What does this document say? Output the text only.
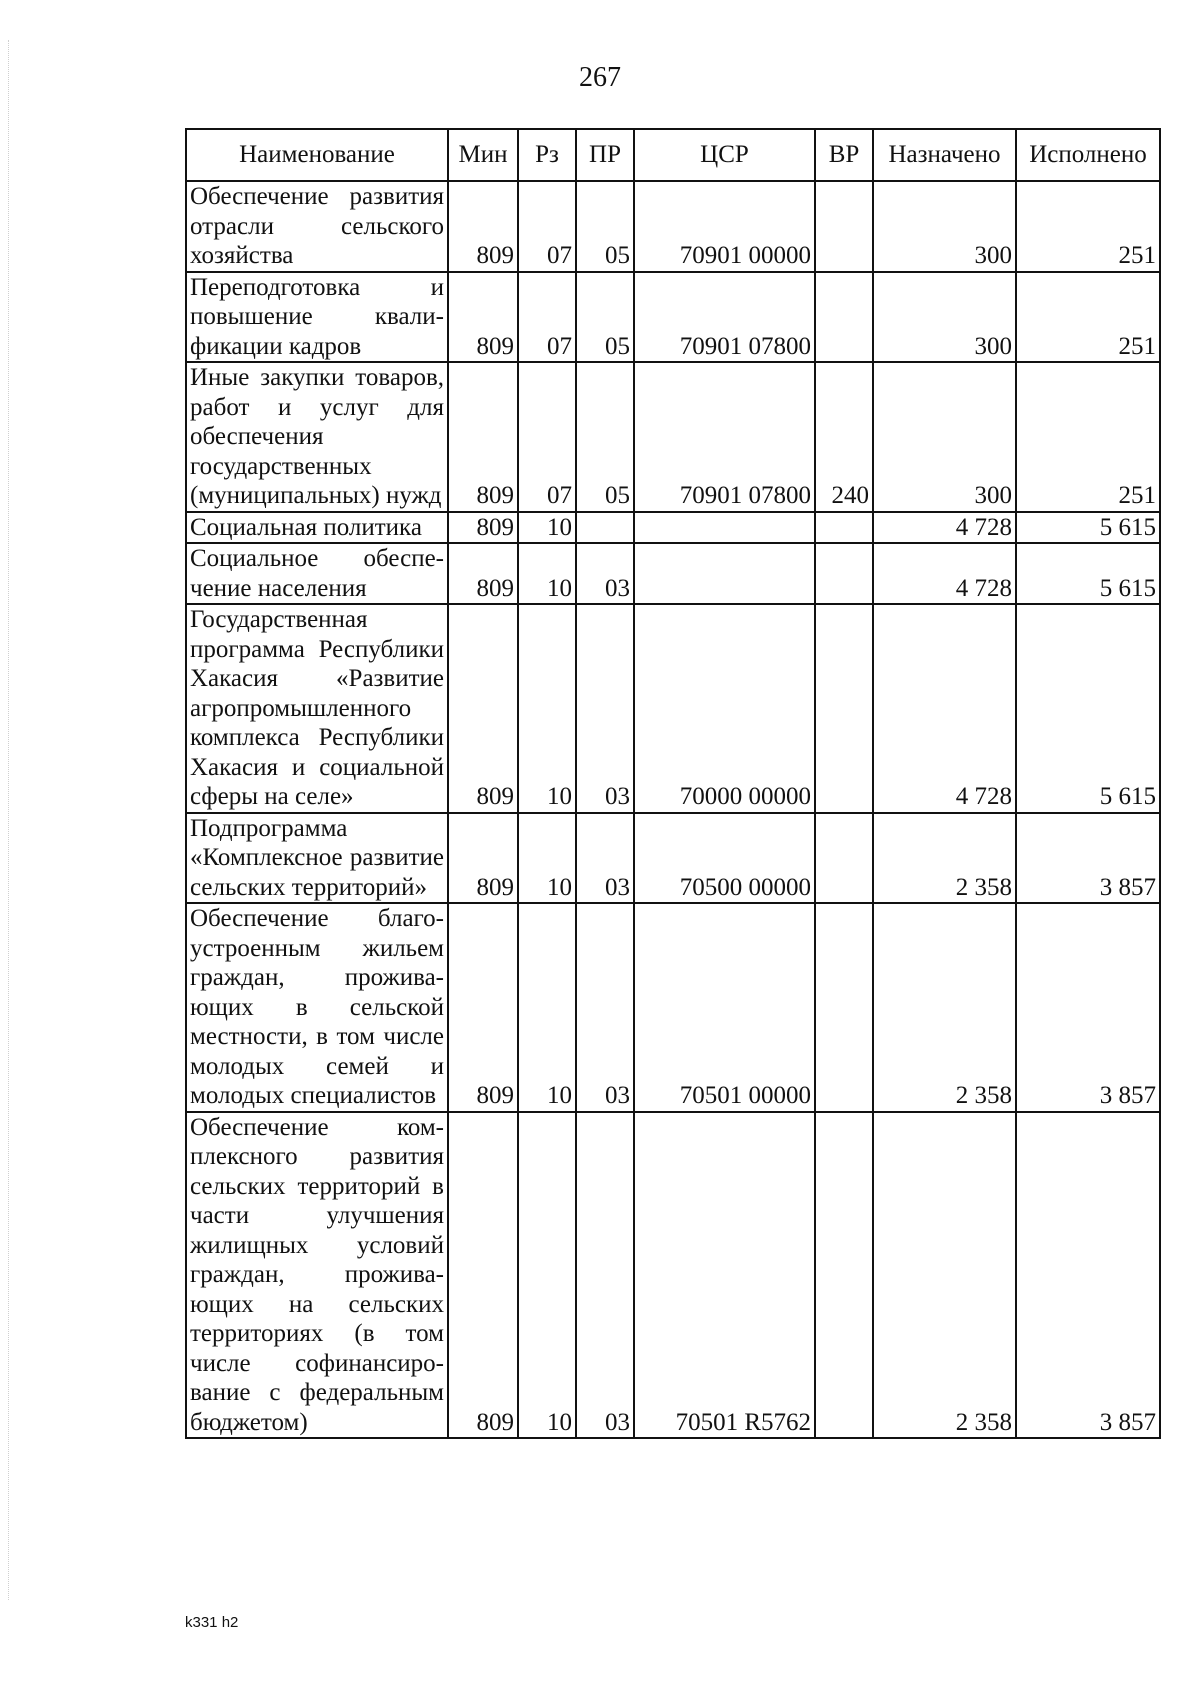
267
Наименование	Мин	Рз	ПР	ЦСР	ВР	Назначено	Исполнено
Обеспечение развития отрасли сельского хозяйства	809	07	05	70901 00000		300	251
Переподготовка и повышение квалификации кадров	809	07	05	70901 07800		300	251
Иные закупки товаров, работ и услуг для обеспечения государственных (муниципальных) нужд	809	07	05	70901 07800	240	300	251
Социальная политика	809	10				4 728	5 615
Социальное обеспечение населения	809	10	03			4 728	5 615
Государственная программа Республики Хакасия «Развитие агропромышленного комплекса Республики Хакасия и социальной сферы на селе»	809	10	03	70000 00000		4 728	5 615
Подпрограмма «Комплексное развитие сельских территорий»	809	10	03	70500 00000		2 358	3 857
Обеспечение благоустроенным жильем граждан, проживающих в сельской местности, в том числе молодых семей и молодых специалистов	809	10	03	70501 00000		2 358	3 857
Обеспечение комплексного развития сельских территорий в части улучшения жилищных условий граждан, проживающих на сельских территориях (в том числе софинансирование с федеральным бюджетом)	809	10	03	70501 R5762		2 358	3 857
k331 h2
